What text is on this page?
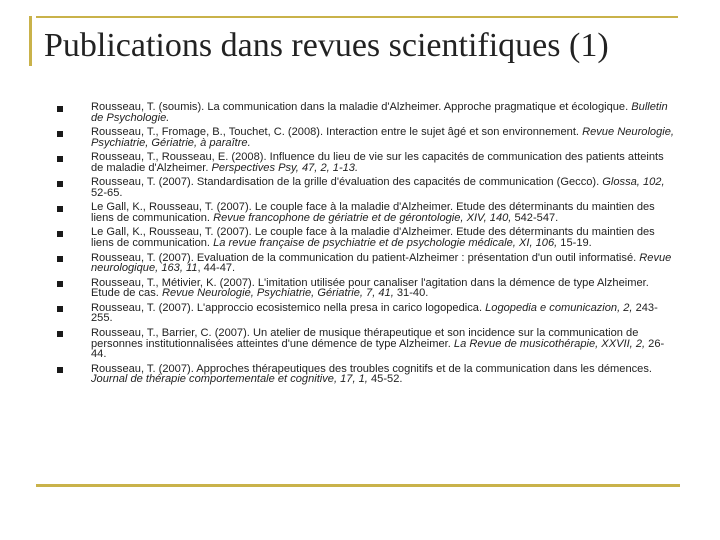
Publications dans revues scientifiques (1)
Rousseau, T. (soumis). La communication dans la maladie d'Alzheimer. Approche pragmatique et écologique. Bulletin de Psychologie.
Rousseau, T., Fromage, B., Touchet, C. (2008). Interaction entre le sujet âgé et son environnement. Revue Neurologie, Psychiatrie, Gériatrie, à paraître.
Rousseau, T., Rousseau, E. (2008). Influence du lieu de vie sur les capacités de communication des patients atteints de maladie d'Alzheimer. Perspectives Psy, 47, 2, 1-13.
Rousseau, T. (2007). Standardisation de la grille d'évaluation des capacités de communication (Gecco). Glossa, 102, 52-65.
Le Gall, K., Rousseau, T. (2007). Le couple face à la maladie d'Alzheimer. Etude des déterminants du maintien des liens de communication. Revue francophone de gériatrie et de gérontologie, XIV, 140, 542-547.
Le Gall, K., Rousseau, T. (2007). Le couple face à la maladie d'Alzheimer. Etude des déterminants du maintien des liens de communication. La revue française de psychiatrie et de psychologie médicale, XI, 106, 15-19.
Rousseau, T. (2007). Evaluation de la communication du patient-Alzheimer : présentation d'un outil informatisé. Revue neurologique, 163, 11, 44-47.
Rousseau, T., Métivier, K. (2007). L'imitation utilisée pour canaliser l'agitation dans la démence de type Alzheimer. Etude de cas. Revue Neurologie, Psychiatrie, Gériatrie, 7, 41, 31-40.
Rousseau, T. (2007). L'approccio ecosistemico nella presa in carico logopedica. Logopedia e comunicazion, 2, 243-255.
Rousseau, T., Barrier, C. (2007). Un atelier de musique thérapeutique et son incidence sur la communication de personnes institutionnalisées atteintes d'une démence de type Alzheimer. La Revue de musicothérapie, XXVII, 2, 26-44.
Rousseau, T. (2007). Approches thérapeutiques des troubles cognitifs et de la communication dans les démences. Journal de thérapie comportementale et cognitive, 17, 1, 45-52.
